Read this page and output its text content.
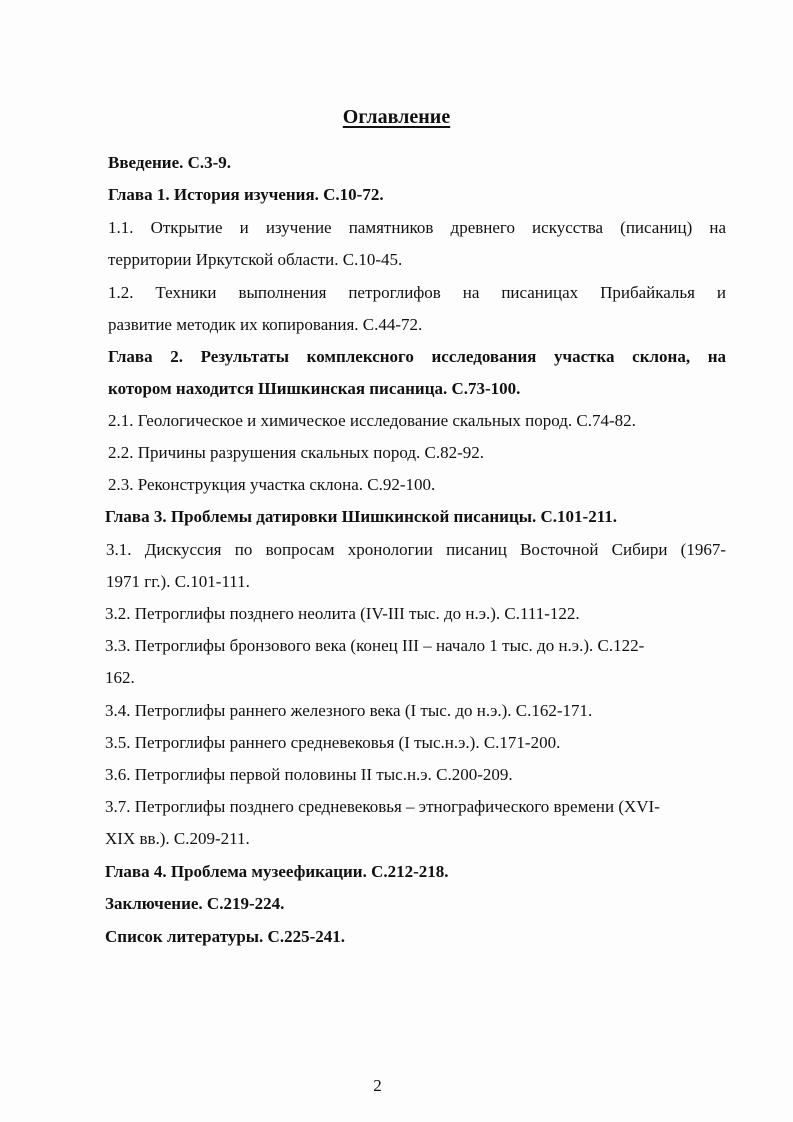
Оглавление
Введение. С.3-9.
Глава 1. История изучения. С.10-72.
1.1. Открытие и изучение памятников древнего искусства (писаниц) на
территории Иркутской области. С.10-45.
1.2. Техники выполнения петроглифов на писаницах Прибайкалья и
развитие методик их копирования. С.44-72.
Глава 2. Результаты комплексного исследования участка склона, на
котором находится Шишкинская писаница. С.73-100.
2.1. Геологическое и химическое исследование скальных пород. С.74-82.
2.2. Причины разрушения скальных пород. С.82-92.
2.3. Реконструкция участка склона. С.92-100.
Глава 3. Проблемы датировки Шишкинской писаницы. С.101-211.
3.1. Дискуссия по вопросам хронологии писаниц Восточной Сибири (1967-
1971 гг.). С.101-111.
3.2. Петроглифы позднего неолита (IV-III тыс. до н.э.). С.111-122.
3.3. Петроглифы бронзового века (конец III – начало 1 тыс. до н.э.). С.122-
162.
3.4. Петроглифы раннего железного века (I тыс. до н.э.). С.162-171.
3.5. Петроглифы раннего средневековья (I тыс.н.э.). С.171-200.
3.6. Петроглифы первой половины II тыс.н.э. С.200-209.
3.7. Петроглифы позднего средневековья – этнографического времени (XVI-
XIX вв.). С.209-211.
Глава 4. Проблема музеефикации. С.212-218.
Заключение. С.219-224.
Список литературы. С.225-241.
2
